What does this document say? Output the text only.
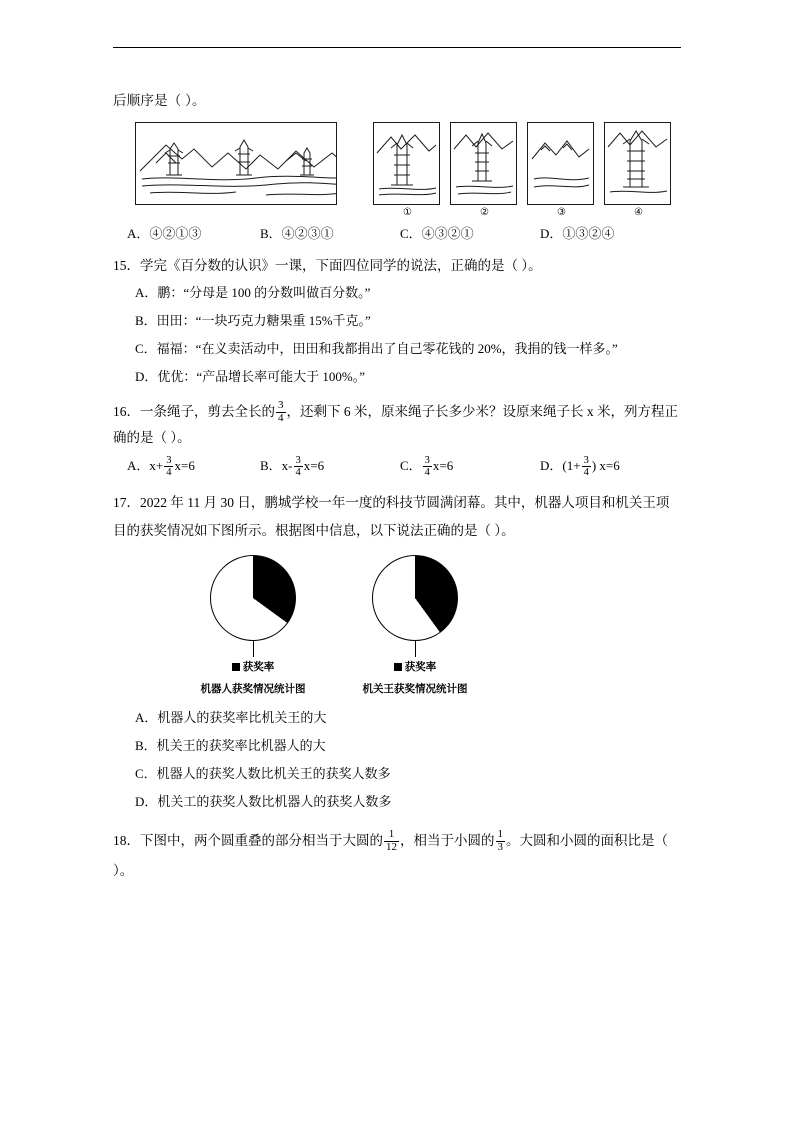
后顺序是（ ）。
①	②	③	④
A．④②①③	B．④②③①	C．④③②①	D．①③②④
15．学完《百分数的认识》一课，下面四位同学的说法，正确的是（ ）。
A．鹏：“分母是 100 的分数叫做百分数。”
B．田田：“一块巧克力糖果重 15%千克。”
C．福福：“在义卖活动中，田田和我都捐出了自己零花钱的 20%，我捐的钱一样多。”
D．优优：“产品增长率可能大于 100%。”
16．一条绳子，剪去全长的 $\frac{3}{4}$ ，还剩下 6 米，原来绳子长多少米？设原来绳子长 x 米，列方程正确的是（ ）。
A．$x+ \frac{3}{4} x=6$	B．$x- \frac{3}{4} x=6$	C． $\frac{3}{4} x=6$	D．($1+ \frac{3}{4}$ ) x=6
17．2022 年 11 月 30 日，鹏城学校一年一度的科技节圆满闭幕。其中，机器人项目和机关王项目的获奖情况如下图所示。根据图中信息，以下说法正确的是（ ）。
65%
35%
获奖率
机器人获奖情况统计图
60%
40%
获奖率
机关王获奖情况统计图
A．机器人的获奖率比机关王的大
B．机关王的获奖率比机器人的大
C．机器人的获奖人数比机关王的获奖人数多
D．机关工的获奖人数比机器人的获奖人数多
18．下图中，两个圆重叠的部分相当于大圆的 $\frac{1}{12}$ ，相当于小圆的 $\frac{1}{3}$ 。大圆和小圆的面积比是（ ）。
